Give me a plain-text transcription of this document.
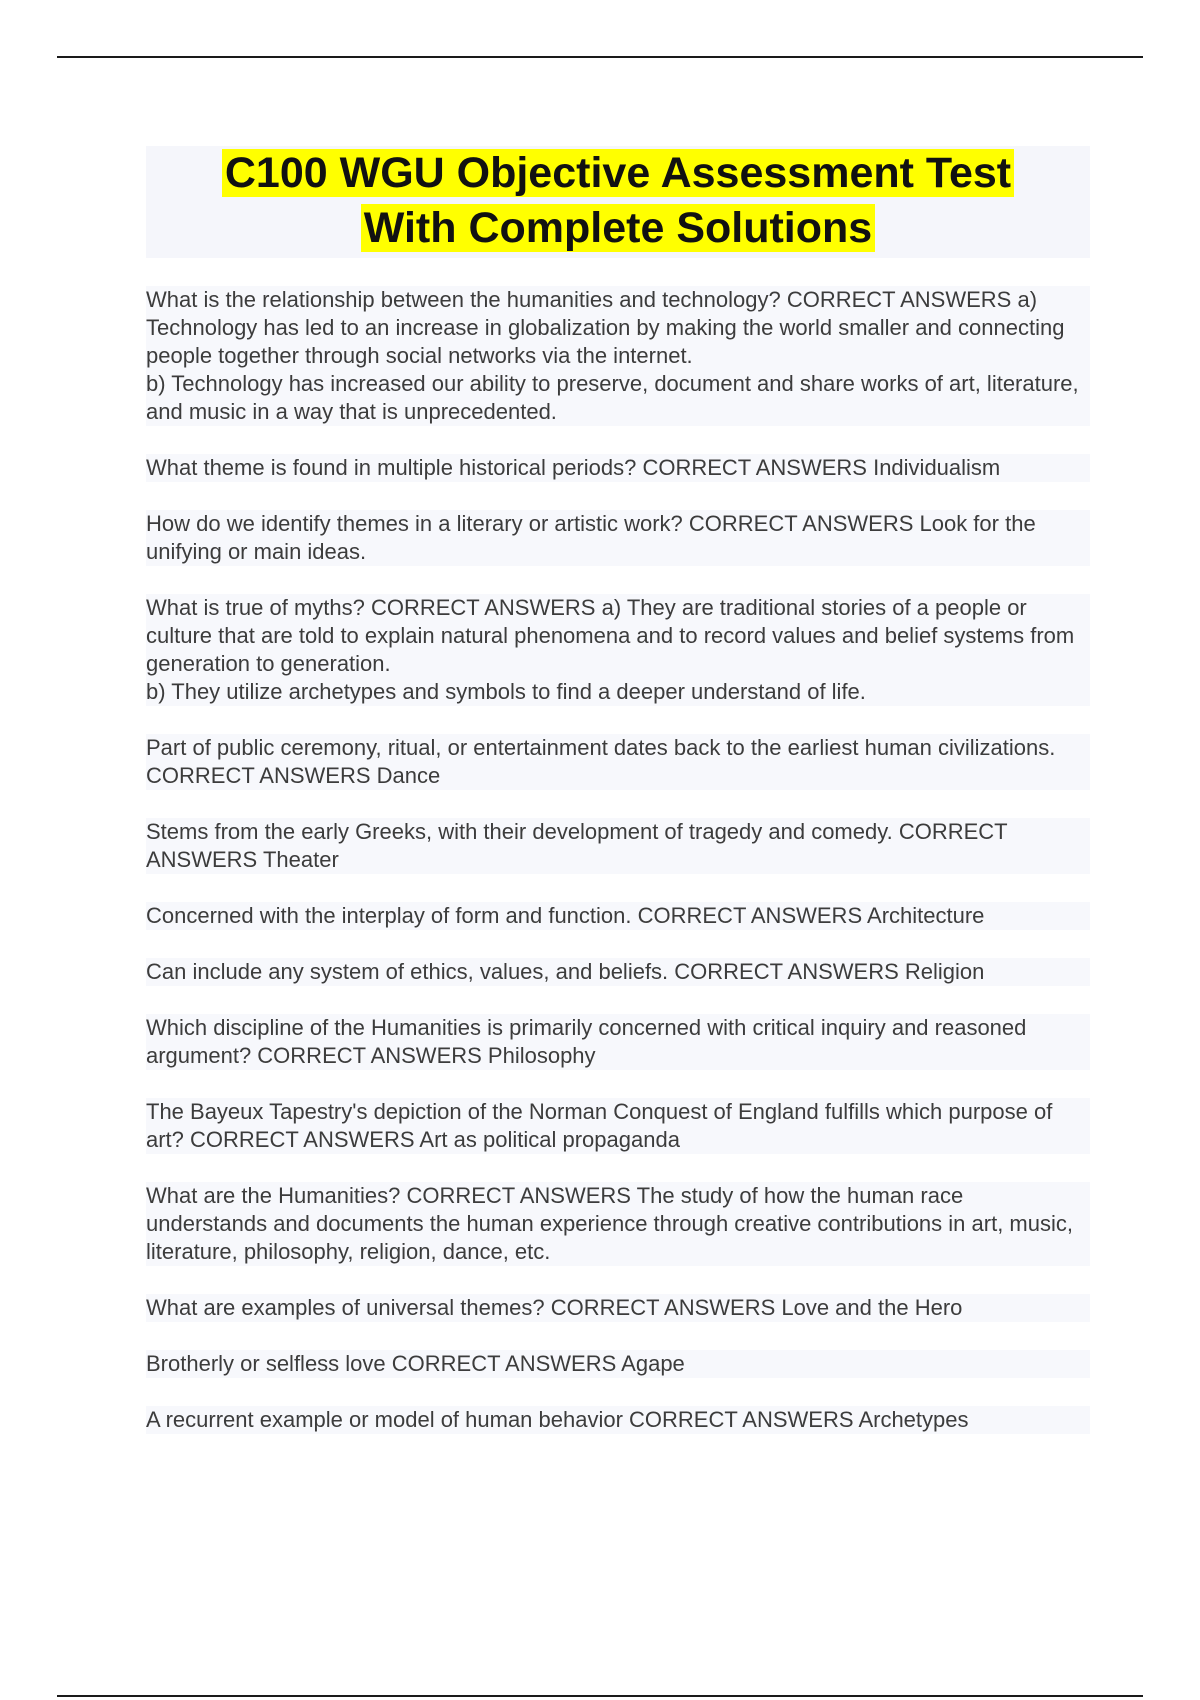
C100 WGU Objective Assessment Test
With Complete Solutions
What is the relationship between the humanities and technology? CORRECT ANSWERS a) Technology has led to an increase in globalization by making the world smaller and connecting people together through social networks via the internet.
b) Technology has increased our ability to preserve, document and share works of art, literature, and music in a way that is unprecedented.
What theme is found in multiple historical periods? CORRECT ANSWERS Individualism
How do we identify themes in a literary or artistic work? CORRECT ANSWERS Look for the unifying or main ideas.
What is true of myths? CORRECT ANSWERS a) They are traditional stories of a people or culture that are told to explain natural phenomena and to record values and belief systems from generation to generation.
b) They utilize archetypes and symbols to find a deeper understand of life.
Part of public ceremony, ritual, or entertainment dates back to the earliest human civilizations. CORRECT ANSWERS Dance
Stems from the early Greeks, with their development of tragedy and comedy. CORRECT ANSWERS Theater
Concerned with the interplay of form and function. CORRECT ANSWERS Architecture
Can include any system of ethics, values, and beliefs. CORRECT ANSWERS Religion
Which discipline of the Humanities is primarily concerned with critical inquiry and reasoned argument? CORRECT ANSWERS Philosophy
The Bayeux Tapestry's depiction of the Norman Conquest of England fulfills which purpose of art? CORRECT ANSWERS Art as political propaganda
What are the Humanities? CORRECT ANSWERS The study of how the human race understands and documents the human experience through creative contributions in art, music, literature, philosophy, religion, dance, etc.
What are examples of universal themes? CORRECT ANSWERS Love and the Hero
Brotherly or selfless love CORRECT ANSWERS Agape
A recurrent example or model of human behavior CORRECT ANSWERS Archetypes
